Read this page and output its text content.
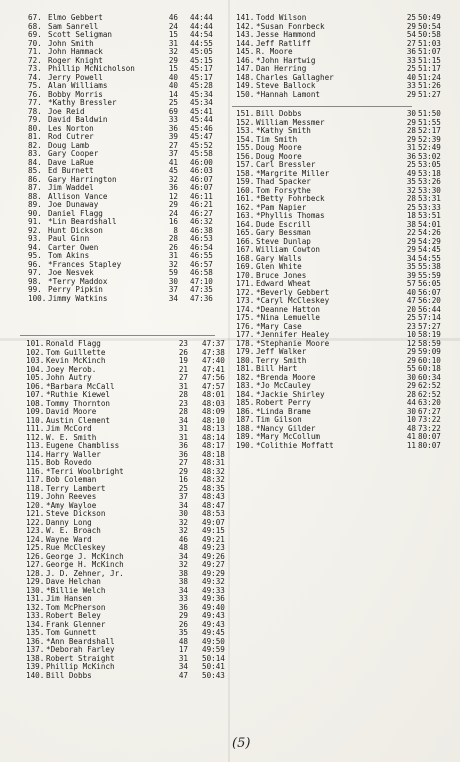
67. Elmo Gebbert	46 44:44
68. Sam Sanrell	24 44:44
69. Scott Seligman	15 44:54
70. John Smith	31 44:55
71. John Hammack	32 45:05
72. Roger Knight	29 45:15
73. Phillip McNicholson	15 45:17
74. Jerry Powell	40 45:17
75. Alan Williams	40 45:28
76. Bobby Morris	14 45:34
77. *Kathy Bressler	25 45:34
78. Joe Reid	69 45:41
79. David Baldwin	33 45:44
80. Les Norton	36 45:46
81. Rod Cutrer	39 45:47
82. Doug Lamb	27 45:52
83. Gary Cooper	37 45:58
84. Dave LaRue	41 46:00
85. Ed Burnett	45 46:03
86. Gary Harrington	32 46:07
87. Jim Waddel	36 46:07
88. Allison Vance	12 46:11
89. Joe Dunaway	29 46:21
90. Daniel Flagg	24 46:27
91. *Lin Beardshall	16 46:32
92. Hunt Dickson	8 46:38
93. Paul Ginn	28 46:53
94. Carter Owen	26 46:54
95. Tom Akins	31 46:55
96. *Frances Stapley	32 46:57
97. Joe Nesvek	59 46:58
98. *Terry Maddox	30 47:10
99. Perry Pipkin	37 47:35
100. Jimmy Watkins	34 47:36
101. Ronald Flagg	23 47:37
102. Tom Guillette	26 47:38
103. Kevin McKinch	19 47:40
104. Joey Merob.	21 47:41
105. John Autry	27 47:56
106. *Barbara McCall	31 47:57
107. *Ruthie Kiewel	28 48:01
108. Tommy Thornton	23 48:03
109. David Moore	28 48:09
110. Austin Clement	34 48:10
111. Jim McCord	31 48:13
112. W. E. Smith	31 48:14
113. Eugene Chambliss	36 48:17
114. Harry Waller	36 48:18
115. Bob Rovedo	27 48:31
116. *Terri Woolbright	29 48:32
117. Bob Coleman	16 48:32
118. Terry Lambert	25 48:35
119. John Reeves	37 48:43
120. *Amy Wayloe	34 48:47
121. Steve Dickson	30 48:53
122. Danny Long	32 49:07
123. W. E. Broach	32 49:15
124. Wayne Ward	46 49:21
125. Rue McCleskey	48 49:23
126. George J. McKinch	34 49:26
127. George H. McKinch	32 49:27
128. J. D. Zehner, Jr.	38 49:29
129. Dave Helchan	38 49:32
130. *Billie Welch	34 49:33
131. Jim Hansen	33 49:36
132. Tom McPherson	36 49:40
133. Robert Beley	29 49:43
134. Frank Glenner	26 49:43
135. Tom Gunnett	35 49:45
136. *Ann Beardshall	48 49:50
137. *Deborah Farley	17 49:59
138. Robert Straight	31 50:14
139. Phillip McKinch	34 50:41
140. Bill Dobbs	47 50:43
141. Todd Wilson	25 50:49
142. *Susan Fonrbeck	29 50:54
143. Jesse Hammond	54 50:58
144. Jeff Ratliff	27 51:03
145. R. Moore	36 51:07
146. *John Hartwig	33 51:15
147. Dan Herring	25 51:17
148. Charles Gallagher	40 51:24
149. Steve Ballock	33 51:26
150. *Hannah Lamont	29 51:27
151. Bill Dobbs	30 51:50
152. William Messmer	29 51:55
153. *Kathy Smith	28 52:17
154. Tim Smith	29 52:39
155. Doug Moore	31 52:49
156. Doug Moore	36 53:02
157. Carl Bressler	25 53:05
158. *Margrite Miller	49 53:18
159. Thad Spacker	35 53:26
160. Tom Forsythe	32 53:30
161. *Betty Fohrbeck	28 53:31
162. *Pam Napier	25 53:33
163. *Phyllis Thomas	18 53:51
164. Dude Escrill	38 54:01
165. Gary Bessman	22 54:26
166. Steve Dunlap	29 54:29
167. William Cowton	29 54:45
168. Gary Walls	34 54:55
169. Glen White	35 55:38
170. Bruce Jones	39 55:59
171. Edward Wheat	57 56:05
172. *Beverly Gebbert	40 56:07
173. *Caryl McCleskey	47 56:20
174. *Deanne Hatton	20 56:44
175. *Nina Lemuelle	25 57:14
176. *Mary Case	23 57:27
177. *Jennifer Healey	10 58:19
178. *Stephanie Moore	12 58:59
179. Jeff Walker	29 59:09
180. Terry Smith	29 60:10
181. Bill Hart	55 60:18
182. *Brenda Moore	30 60:34
183. *Jo McCauley	29 62:52
184. *Jackie Shirley	28 62:52
185. Robert Perry	44 63:20
186. *Linda Brame	30 67:27
187. Tim Gilson	10 73:22
188. *Nancy Gilder	48 73:22
189. *Mary McCollum	41 80:07
190. *Colithie Moffatt	11 80:07
(5)
